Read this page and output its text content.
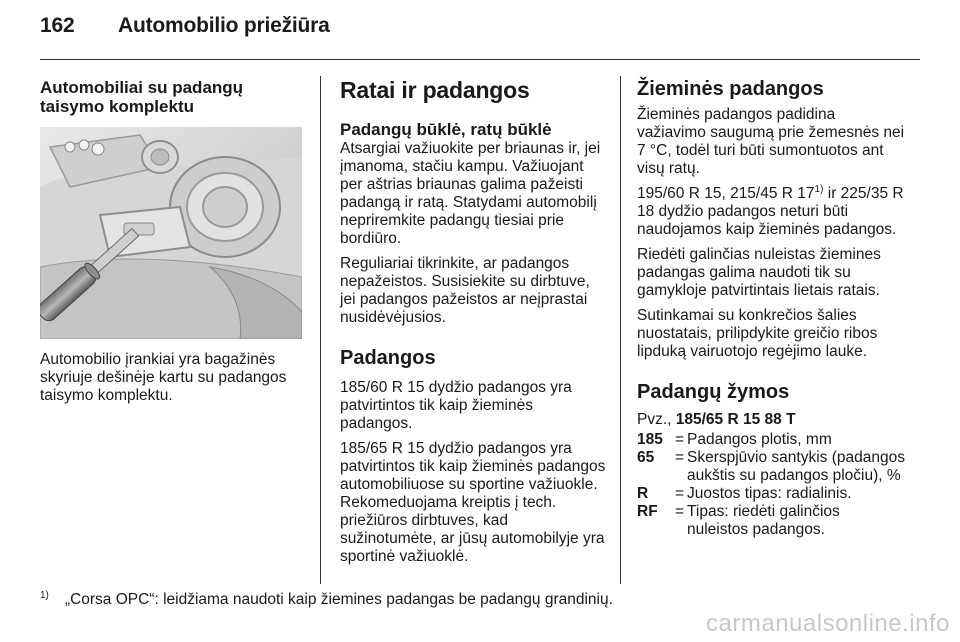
162 Automobilio priežiūra
Automobiliai su padangų taisymo komplektu
Automobilio įrankiai yra bagažinės skyriuje dešinėje kartu su padangos taisymo komplektu.
Ratai ir padangos
Padangų būklė, ratų būklė

Atsargiai važiuokite per briaunas ir, jei įmanoma, stačiu kampu. Važiuojant per aštrias briaunas galima pažeisti padangą ir ratą. Statydami automobilį nepriremkite padangų tiesiai prie bordiūro.

Reguliariai tikrinkite, ar padangos nepažeistos. Susisiekite su dirbtuve, jei padangos pažeistos ar neįprastai nusidėvėjusios.

Padangos

185/60 R 15 dydžio padangos yra patvirtintos tik kaip žieminės padangos.

185/65 R 15 dydžio padangos yra patvirtintos tik kaip žieminės padangos automobiliuose su sportine važiuokle. Rekomeduojama kreiptis į tech. priežiūros dirbtuves, kad sužinotumėte, ar jūsų automobilyje yra sportinė važiuoklė.

Žieminės padangos

Žieminės padangos padidina važiavimo saugumą prie žemesnės nei 7 °C, todėl turi būti sumontuotos ant visų ratų.

195/60 R 15, 215/45 R 17$^{1)}$ ir 225/35 R 18 dydžio padangos neturi būti naudojamos kaip žieminės padangos.

Riedėti galinčias nuleistas žiemines padangas galima naudoti tik su gamykloje patvirtintais lietais ratais.

Sutinkamai su konkrečios šalies nuostatais, prilipdykite greičio ribos lipduką vairuotojo regėjimo lauke.

Padangų žymos

Pvz., 185/65 R 15 88 T

185 = Padangos plotis, mm
65	= Skerspjūvio santykis (padangos aukštis su padangos pločiu), %
R	= Juostos tipas: radialinis.
RF	= Tipas: riedėti galinčios nuleistos padangos.
$^{1)}$ „Corsa OPC“: leidžiama naudoti kaip žiemines padangas be padangų grandinių.
carmanualsonline.info
